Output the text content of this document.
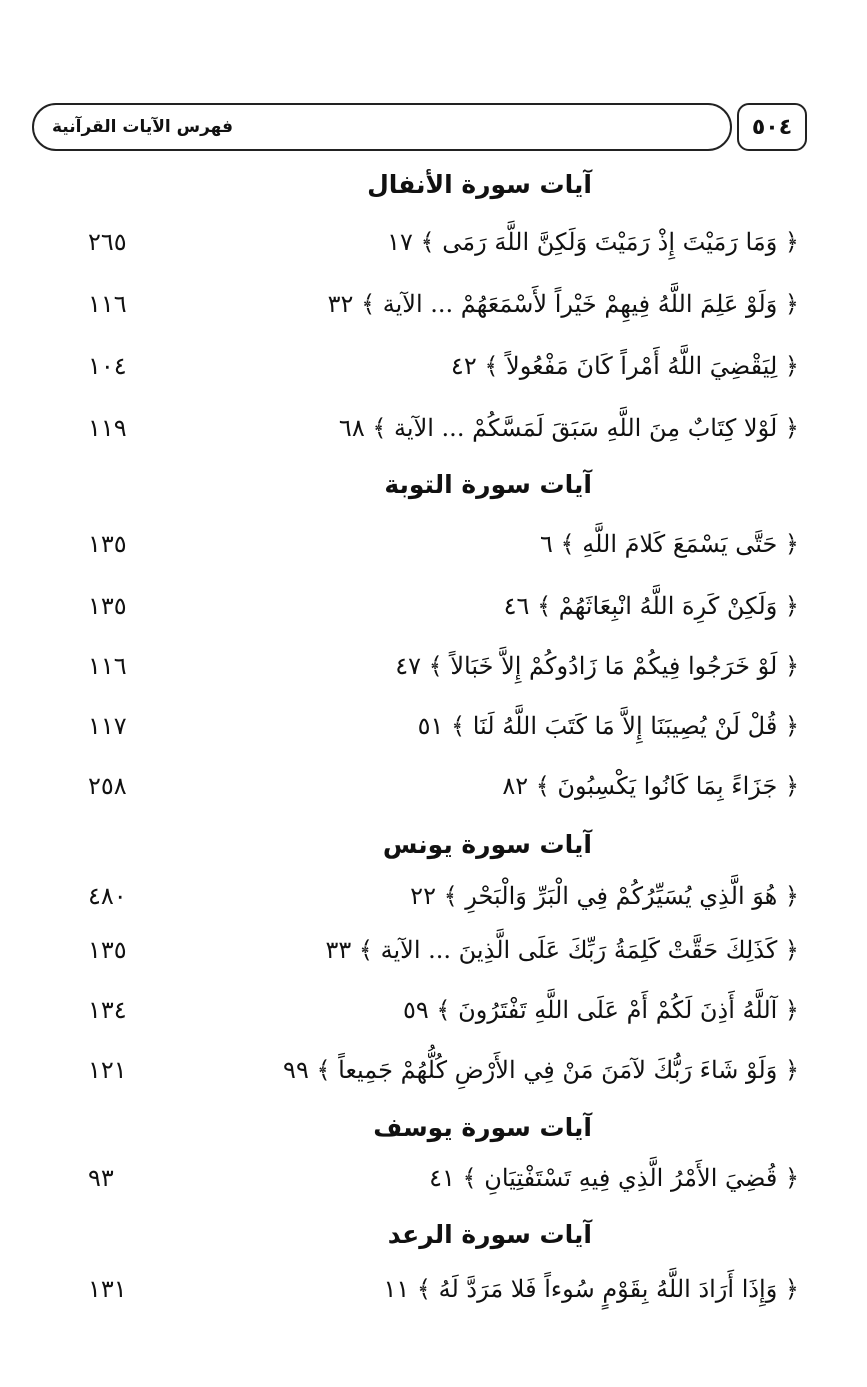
فهرس الآيات القرآنية	٥٠٤
آيات سورة الأنفال
﴿ وَمَا رَمَيْتَ إِذْ رَمَيْتَ وَلَكِنَّ اللَّهَ رَمَى ﴾ ١٧
٢٦٥
﴿ وَلَوْ عَلِمَ اللَّهُ فِيهِمْ خَيْراً لأَسْمَعَهُمْ ... الآية ﴾ ٣٢
١١٦
﴿ لِيَقْضِيَ اللَّهُ أَمْراً كَانَ مَفْعُولاً ﴾ ٤٢
١٠٤
﴿ لَوْلا كِتَابٌ مِنَ اللَّهِ سَبَقَ لَمَسَّكُمْ ... الآية ﴾ ٦٨
١١٩
آيات سورة التوبة
﴿ حَتَّى يَسْمَعَ كَلامَ اللَّهِ ﴾ ٦
١٣٥
﴿ وَلَكِنْ كَرِهَ اللَّهُ انْبِعَاثَهُمْ ﴾ ٤٦
١٣٥
﴿ لَوْ خَرَجُوا فِيكُمْ مَا زَادُوكُمْ إِلاَّ خَبَالاً ﴾ ٤٧
١١٦
﴿ قُلْ لَنْ يُصِيبَنَا إِلاَّ مَا كَتَبَ اللَّهُ لَنَا ﴾ ٥١
١١٧
﴿ جَزَاءً بِمَا كَانُوا يَكْسِبُونَ ﴾ ٨٢
٢٥٨
آيات سورة يونس
﴿ هُوَ الَّذِي يُسَيِّرُكُمْ فِي الْبَرِّ وَالْبَحْرِ ﴾ ٢٢
٤٨٠
﴿ كَذَلِكَ حَقَّتْ كَلِمَةُ رَبِّكَ عَلَى الَّذِينَ ... الآية ﴾ ٣٣
١٣٥
﴿ آللَّهُ أَذِنَ لَكُمْ أَمْ عَلَى اللَّهِ تَفْتَرُونَ ﴾ ٥٩
١٣٤
﴿ وَلَوْ شَاءَ رَبُّكَ لآمَنَ مَنْ فِي الأَرْضِ كُلُّهُمْ جَمِيعاً ﴾ ٩٩
١٢١
آيات سورة يوسف
﴿ قُضِيَ الأَمْرُ الَّذِي فِيهِ تَسْتَفْتِيَانِ ﴾ ٤١
٩٣
آيات سورة الرعد
﴿ وَإِذَا أَرَادَ اللَّهُ بِقَوْمٍ سُوءاً فَلا مَرَدَّ لَهُ ﴾ ١١
١٣١
